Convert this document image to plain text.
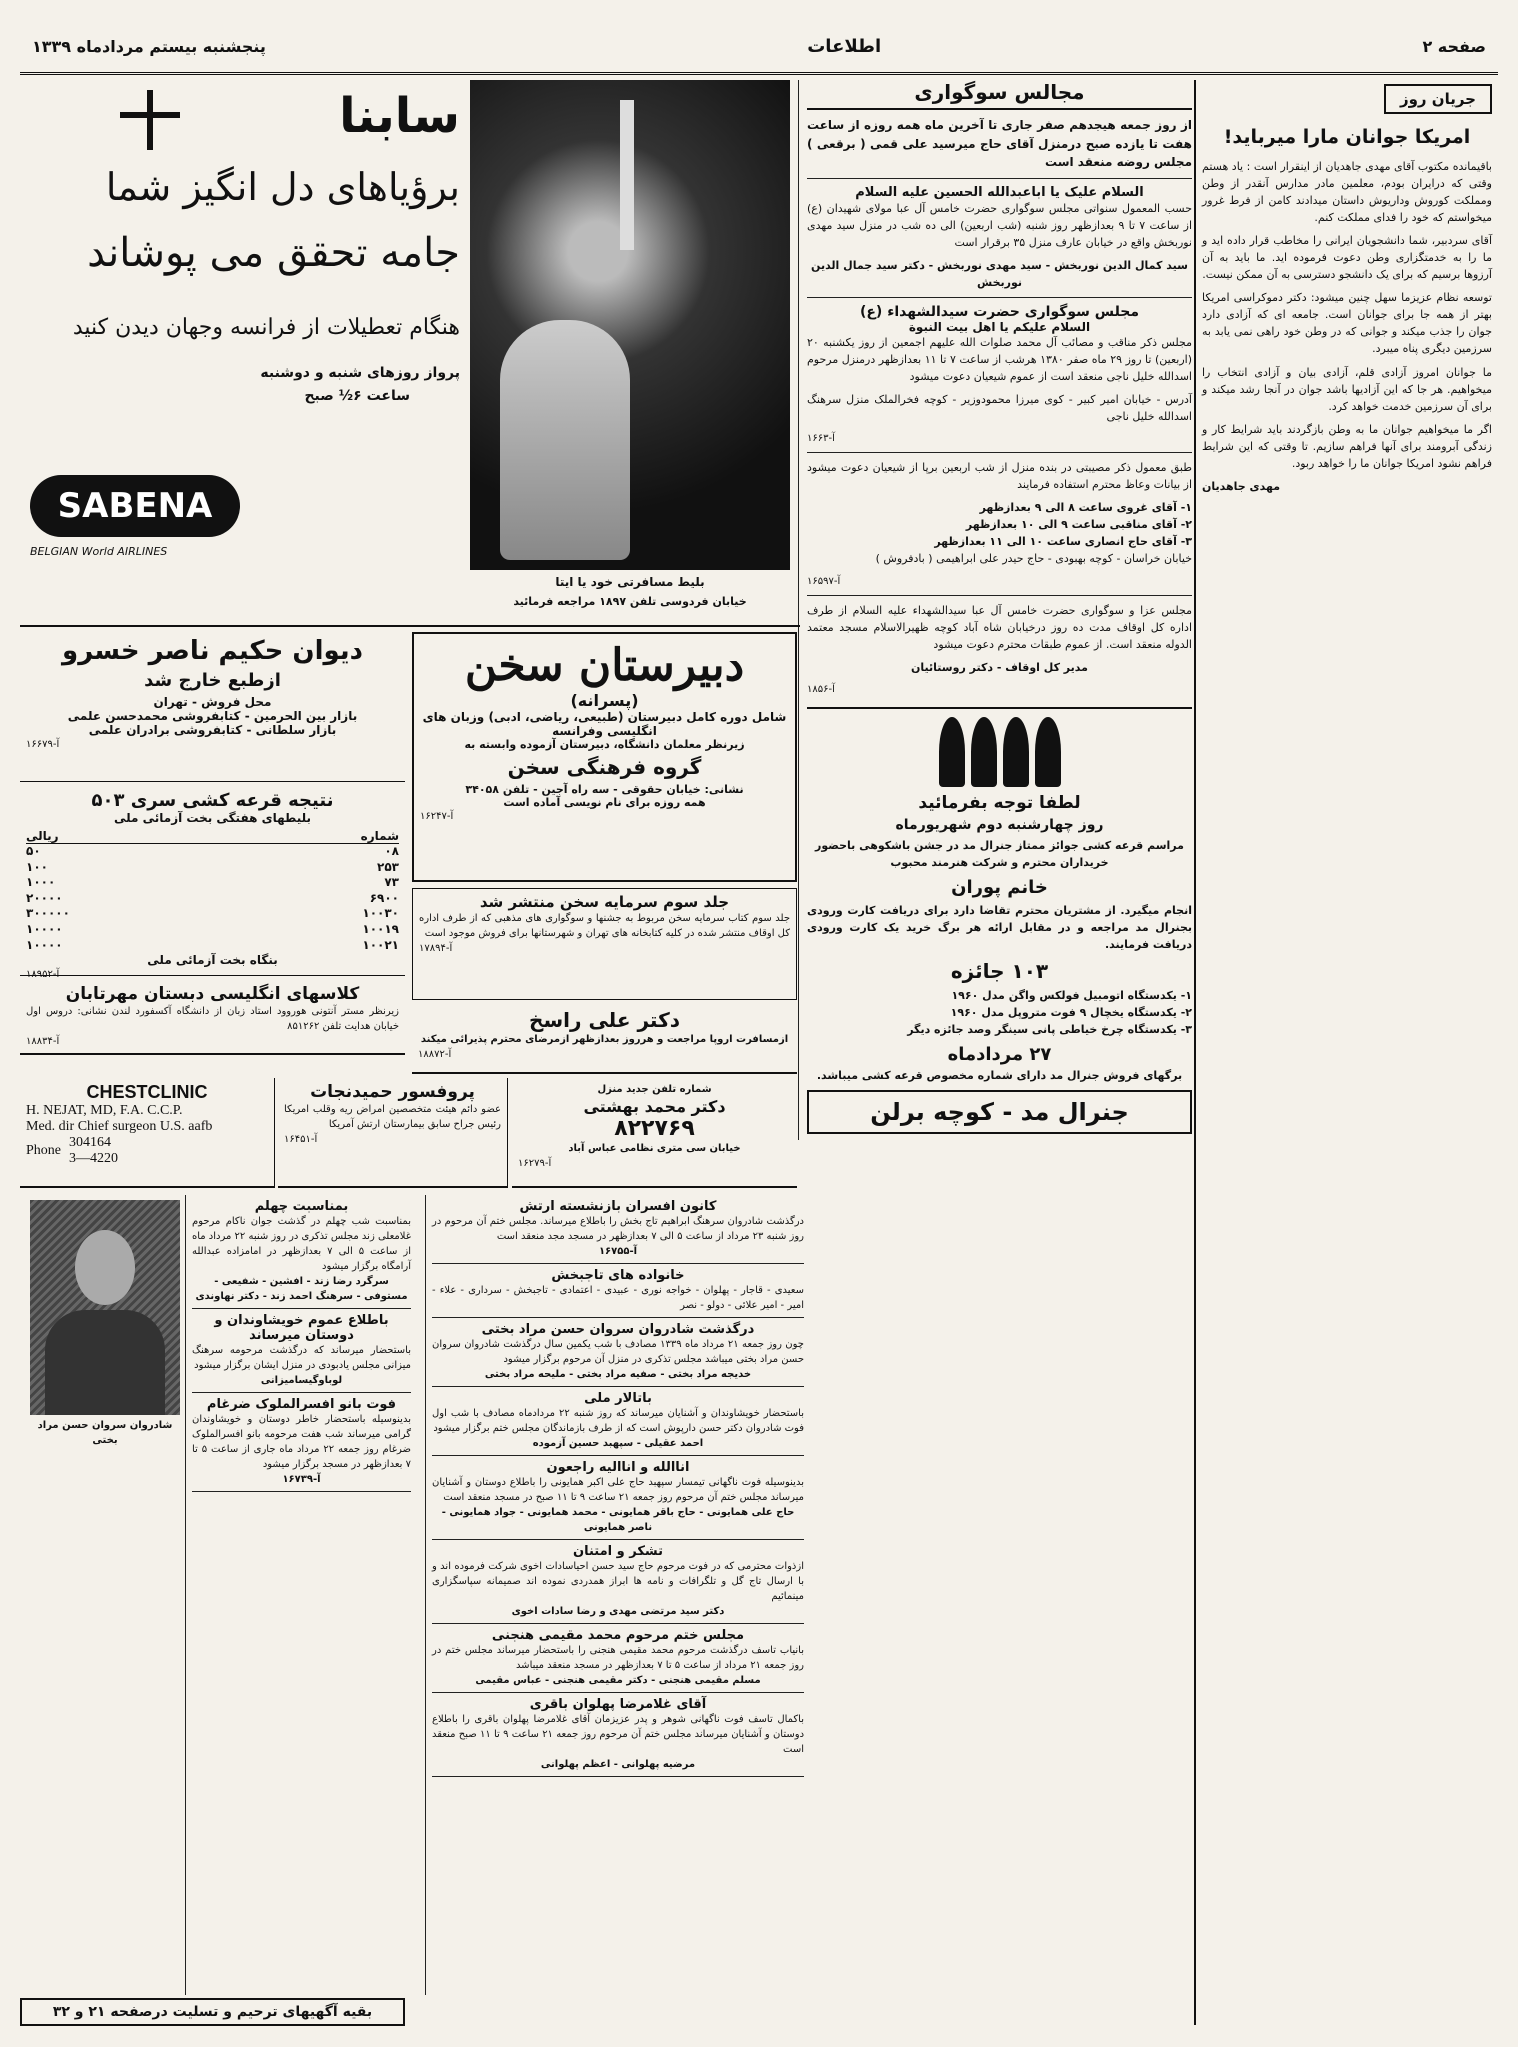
صفحه ۲
اطلاعات
پنجشنبه بیستم مردادماه ۱۳۳۹
جریان روز
امریکا جوانان مارا میرباید!

باقیمانده مکتوب آقای مهدی جاهدیان از اینقرار است : یاد هستم وقتی که درایران بودم، معلمین مادر مدارس آنقدر از وطن ومملکت کوروش وداریوش داستان میدادند کامن از فرط غرور میخواستم که خود را فدای مملکت کنم.

آقای سردبیر، شما دانشجویان ایرانی را مخاطب قرار داده اید و ما را به خدمتگزاری وطن دعوت فرموده اید. ما باید به آن آرزوها برسیم که برای یک دانشجو دسترسی به آن ممکن نیست.

توسعه نظام عزیزما سهل چنین میشود: دکتر دموکراسی امریکا بهتر از همه جا برای جوانان است. جامعه ای که آزادی دارد جوان را جذب میکند و جوانی که در وطن خود راهی نمی یابد به سرزمین دیگری پناه میبرد.

ما جوانان امروز آزادی قلم، آزادی بیان و آزادی انتخاب را میخواهیم. هر جا که این آزادیها باشد جوان در آنجا رشد میکند و برای آن سرزمین خدمت خواهد کرد.

اگر ما میخواهیم جوانان ما به وطن بازگردند باید شرایط کار و زندگی آبرومند برای آنها فراهم سازیم. تا وقتی که این شرایط فراهم نشود امریکا جوانان ما را خواهد ربود.

مهدی جاهدیان

مجالس سوگواری

از روز جمعه هیجدهم صفر جاری تا آخرین ماه همه روزه از ساعت هفت تا یازده صبح درمنزل آقای حاج میرسید علی قمی ( برقعی ) مجلس روضه منعقد است

السلام علیک یا اباعبدالله الحسین علیه السلام

حسب المعمول سنواتی مجلس سوگواری حضرت خامس آل عبا مولای شهیدان (ع) از ساعت ۷ تا ۹ بعدازظهر روز شنبه (شب اربعین) الی ده شب در منزل سید مهدی نوربخش واقع در خیابان عارف منزل ۳۵ برقرار است

سید کمال الدین نوربخش - سید مهدی نوربخش - دکتر سید جمال الدین نوربخش

مجلس سوگواری حضرت سیدالشهداء (ع)
السلام علیکم یا اهل بیت النبوة

مجلس ذکر مناقب و مصائب آل محمد صلوات الله علیهم اجمعین از روز یکشنبه ۲۰ (اربعین) تا روز ۲۹ ماه صفر ۱۳۸۰ هرشب از ساعت ۷ تا ۱۱ بعدازظهر درمنزل مرحوم اسدالله خلیل ناجی منعقد است از عموم شیعیان دعوت میشود

آدرس - خیابان امیر کبیر - کوی میرزا محمودوزیر - کوچه فخرالملک منزل سرهنگ اسدالله خلیل ناجی

آ-۱۶۶۳

طبق معمول ذکر مصیبتی در بنده منزل از شب اربعین برپا از شیعیان دعوت میشود از بیانات وعاظ محترم استفاده فرمایند

۱- آقای غروی ساعت ۸ الی ۹ بعدازظهر
۲- آقای مناقبی ساعت ۹ الی ۱۰ بعدازظهر
۳- آقای حاج انصاری ساعت ۱۰ الی ۱۱ بعدازظهر

خیابان خراسان - کوچه بهبودی - حاج حیدر علی ابراهیمی ( بادفروش )

آ-۱۶۵۹۷

مجلس عزا و سوگواری حضرت خامس آل عبا سیدالشهداء علیه السلام از طرف اداره کل اوقاف مدت ده روز درخیابان شاه آباد کوچه ظهیرالاسلام مسجد معتمد الدوله منعقد است. از عموم طبقات محترم دعوت میشود

مدیر کل اوقاف - دکتر روستائیان

آ-۱۸۵۶

لطفا توجه بفرمائید
روز چهارشنبه دوم شهریورماه

مراسم قرعه کشی جوائز ممتاز جنرال مد در جشن باشکوهی باحضور خریداران محترم و شرکت هنرمند محبوب

خانم پوران

انجام میگیرد. از مشتریان محترم تقاضا دارد برای دریافت کارت ورودی بجنرال مد مراجعه و در مقابل ارائه هر برگ خرید یک کارت ورودی دریافت فرمایند.

۱۰۳ جائزه
۱- یکدستگاه اتومبیل فولکس واگن مدل ۱۹۶۰
۲- یکدستگاه یخچال ۹ فوت متروپل مدل ۱۹۶۰
۳- یکدستگاه چرخ خیاطی پانی سینگر وصد جائزه دیگر
۲۷ مردادماه

برگهای فروش جنرال مد دارای شماره مخصوص قرعه کشی میباشد.

جنرال مد - کوچه برلن
بلیط مسافرتی خود یا ایتا
خیابان فردوسی تلفن ۱۸۹۷ مراجعه فرمائید
سابنا
برؤیاهای دل انگیز شما
جامه تحقق می پوشاند
هنگام تعطیلات از فرانسه وجهان دیدن کنید
پرواز روزهای شنبه و دوشنبه
ساعت ۶½ صبح
SABENA
BELGIAN World AIRLINES
دیوان حکیم ناصر خسرو
ازطبع خارج شد
محل فروش - تهران
بازار بین الحرمین - کتابفروشی محمدحسن علمی
بازار سلطانی - کتابفروشی برادران علمی
آ-۱۶۶۷۹
نتیجه قرعه کشی سری ۵۰۳
بلیطهای هفتگی بخت آزمائی ملی
شماره
ریالی
۰۸
۵۰
۲۵۳
۱۰۰
۷۳
۱۰۰۰
۶۹۰۰
۲۰۰۰۰
۱۰۰۳۰
۳۰۰۰۰۰
۱۰۰۱۹
۱۰۰۰۰
۱۰۰۲۱
۱۰۰۰۰
بنگاه بخت آزمائی ملی
آ-۱۸۹۵۲
کلاسهای انگلیسی دبستان مهرتابان
زیرنظر مستر آنتونی هوروود استاد زبان از دانشگاه آکسفورد لندن نشانی: دروس اول خیابان هدایت تلفن ۸۵۱۲۶۲
آ-۱۸۸۳۴
دبیرستان سخن
(پسرانه)
شامل دوره کامل دبیرستان (طبیعی، ریاضی، ادبی) وزبان های انگلیسی وفرانسه
زیرنظر معلمان دانشگاه، دبیرستان آزموده وابسته به
گروه فرهنگی سخن
نشانی: خیابان حقوقی - سه راه آجین - تلفن ۳۴۰۵۸
همه روزه برای نام نویسی آماده است
آ-۱۶۲۴۷
جلد سوم سرمایه سخن منتشر شد
جلد سوم کتاب سرمایه سخن مربوط به جشنها و سوگواری های مذهبی که از طرف اداره کل اوقاف منتشر شده در کلیه کتابخانه های تهران و شهرستانها برای فروش موجود است
آ-۱۷۸۹۴
دکتر علی راسخ
ازمسافرت اروپا مراجعت و هرروز بعدازظهر ازمرضای محترم پذیرائی میکند
آ-۱۸۸۷۲
CHESTCLINIC
H. NEJAT, MD, F.A. C.C.P.
Med. dir Chief surgeon U.S. aafb
Phone
304164
3—4220
پروفسور حمیدنجات
عضو دائم هیئت متخصصین امراض ریه وقلب امریکا رئیس جراح سابق بیمارستان ارتش آمریکا
آ-۱۶۴۵۱
شماره تلفن جدید منزل
دکتر محمد بهشتی
۸۲۲۷۶۹
خیابان سی متری نظامی عباس آباد
آ-۱۶۲۷۹
شادروان سروان حسن مراد بختی
کانون افسران بازنشسته ارتش
درگذشت شادروان سرهنگ ابراهیم تاج بخش را باطلاع میرساند. مجلس ختم آن مرحوم در روز شنبه ۲۳ مرداد از ساعت ۵ الی ۷ بعدازظهر در مسجد مجد منعقد است
آ-۱۶۷۵۵
خانواده های تاجبخش
سعیدی - قاجار - پهلوان - خواجه نوری - عبیدی - اعتمادی - تاجبخش - سرداری - علاء - امیر - امیر علائی - دولو - نصر
درگذشت شادروان سروان حسن مراد بختی
چون روز جمعه ۲۱ مرداد ماه ۱۳۳۹ مصادف با شب یکمین سال درگذشت شادروان سروان حسن مراد بختی میباشد مجلس تذکری در منزل آن مرحوم برگزار میشود
خدیجه مراد بختی - صفیه مراد بختی - ملیحه مراد بختی
باتالار ملی
باستحضار خویشاوندان و آشنایان میرساند که روز شنبه ۲۲ مردادماه مصادف با شب اول فوت شادروان دکتر حسن دارپوش است که از طرف بازماندگان مجلس ختم برگزار میشود
احمد عقیلی - سپهبد حسین آزموده
اناالله و اناالیه راجعون
بدینوسیله فوت ناگهانی تیمسار سپهبد حاج علی اکبر همایونی را باطلاع دوستان و آشنایان میرساند مجلس ختم آن مرحوم روز جمعه ۲۱ ساعت ۹ تا ۱۱ صبح در مسجد منعقد است
حاج علی همایونی - حاج باقر همایونی - محمد همایونی - جواد همایونی - ناصر همایونی
تشکر و امتنان
ازذوات محترمی که در فوت مرحوم حاج سید حسن احیاسادات اخوی شرکت فرموده اند و با ارسال تاج گل و تلگرافات و نامه ها ابراز همدردی نموده اند صمیمانه سپاسگزاری مینمائیم
دکتر سید مرتضی مهدی و رضا سادات اخوی
مجلس ختم مرحوم محمد مقیمی هنجنی
بانیاب تاسف درگذشت مرحوم محمد مقیمی هنجنی را باستحضار میرساند مجلس ختم در روز جمعه ۲۱ مرداد از ساعت ۵ تا ۷ بعدازظهر در مسجد منعقد میباشد
مسلم مقیمی هنجنی - دکتر مقیمی هنجنی - عباس مقیمی
آقای غلامرضا پهلوان باقری
باکمال تاسف فوت ناگهانی شوهر و پدر عزیزمان آقای غلامرضا پهلوان باقری را باطلاع دوستان و آشنایان میرساند مجلس ختم آن مرحوم روز جمعه ۲۱ ساعت ۹ تا ۱۱ صبح منعقد است
مرضیه پهلوانی - اعظم پهلوانی
بمناسبت چهلم
بمناسبت شب چهلم در گذشت جوان ناکام مرحوم غلامعلی زند مجلس تذکری در روز شنبه ۲۲ مرداد ماه از ساعت ۵ الی ۷ بعدازظهر در امامزاده عبدالله آرامگاه برگزار میشود
سرگرد رضا زند - افشین - شفیعی - مستوفی - سرهنگ احمد زند - دکتر نهاوندی
باطلاع عموم خویشاوندان و دوستان میرساند
باستحضار میرساند که درگذشت مرحومه سرهنگ میزانی مجلس یادبودی در منزل ایشان برگزار میشود
لوباوگیسامیزانی
فوت بانو افسرالملوک ضرغام
بدینوسیله باستحضار خاطر دوستان و خویشاوندان گرامی میرساند شب هفت مرحومه بانو افسرالملوک ضرغام روز جمعه ۲۲ مرداد ماه جاری از ساعت ۵ تا ۷ بعدازظهر در مسجد برگزار میشود
آ-۱۶۷۳۹
بقیه آگهیهای ترحیم و تسلیت درصفحه ۲۱ و ۳۲
